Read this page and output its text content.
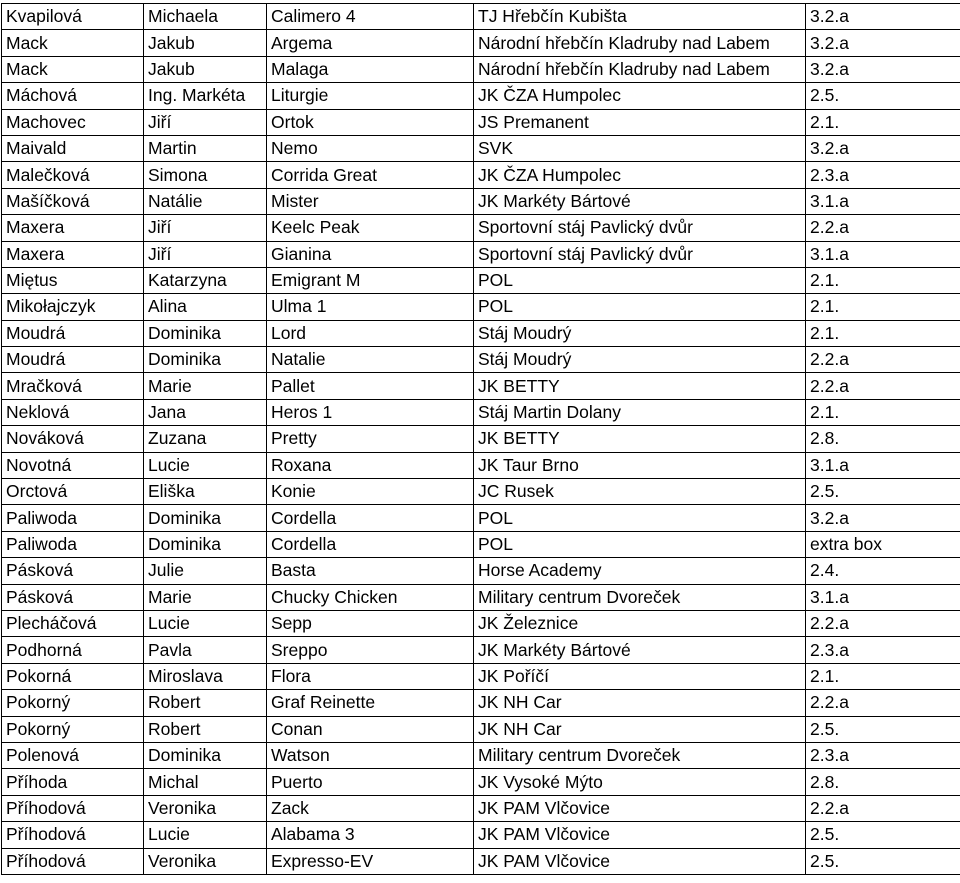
Kvapilová	Michaela	Calimero 4	TJ Hřebčín Kubišta	3.2.a
Mack	Jakub	Argema	Národní hřebčín Kladruby nad Labem	3.2.a
Mack	Jakub	Malaga	Národní hřebčín Kladruby nad Labem	3.2.a
Máchová	Ing. Markéta	Liturgie	JK ČZA Humpolec	2.5.
Machovec	Jiří	Ortok	JS Premanent	2.1.
Maivald	Martin	Nemo	SVK	3.2.a
Malečková	Simona	Corrida Great	JK ČZA Humpolec	2.3.a
Mašíčková	Natálie	Mister	JK Markéty Bártové	3.1.a
Maxera	Jiří	Keelc Peak	Sportovní stáj Pavlický dvůr	2.2.a
Maxera	Jiří	Gianina	Sportovní stáj Pavlický dvůr	3.1.a
Miętus	Katarzyna	Emigrant M	POL	2.1.
Mikołajczyk	Alina	Ulma 1	POL	2.1.
Moudrá	Dominika	Lord	Stáj Moudrý	2.1.
Moudrá	Dominika	Natalie	Stáj Moudrý	2.2.a
Mračková	Marie	Pallet	JK BETTY	2.2.a
Neklová	Jana	Heros 1	Stáj Martin Dolany	2.1.
Nováková	Zuzana	Pretty	JK BETTY	2.8.
Novotná	Lucie	Roxana	JK Taur Brno	3.1.a
Orctová	Eliška	Konie	JC Rusek	2.5.
Paliwoda	Dominika	Cordella	POL	3.2.a
Paliwoda	Dominika	Cordella	POL	extra box
Pásková	Julie	Basta	Horse Academy	2.4.
Pásková	Marie	Chucky Chicken	Military centrum Dvoreček	3.1.a
Plecháčová	Lucie	Sepp	JK Železnice	2.2.a
Podhorná	Pavla	Sreppo	JK Markéty Bártové	2.3.a
Pokorná	Miroslava	Flora	JK Poříčí	2.1.
Pokorný	Robert	Graf Reinette	JK NH Car	2.2.a
Pokorný	Robert	Conan	JK NH Car	2.5.
Polenová	Dominika	Watson	Military centrum Dvoreček	2.3.a
Příhoda	Michal	Puerto	JK Vysoké Mýto	2.8.
Příhodová	Veronika	Zack	JK PAM Vlčovice	2.2.a
Příhodová	Lucie	Alabama 3	JK PAM Vlčovice	2.5.
Příhodová	Veronika	Expresso-EV	JK PAM Vlčovice	2.5.
